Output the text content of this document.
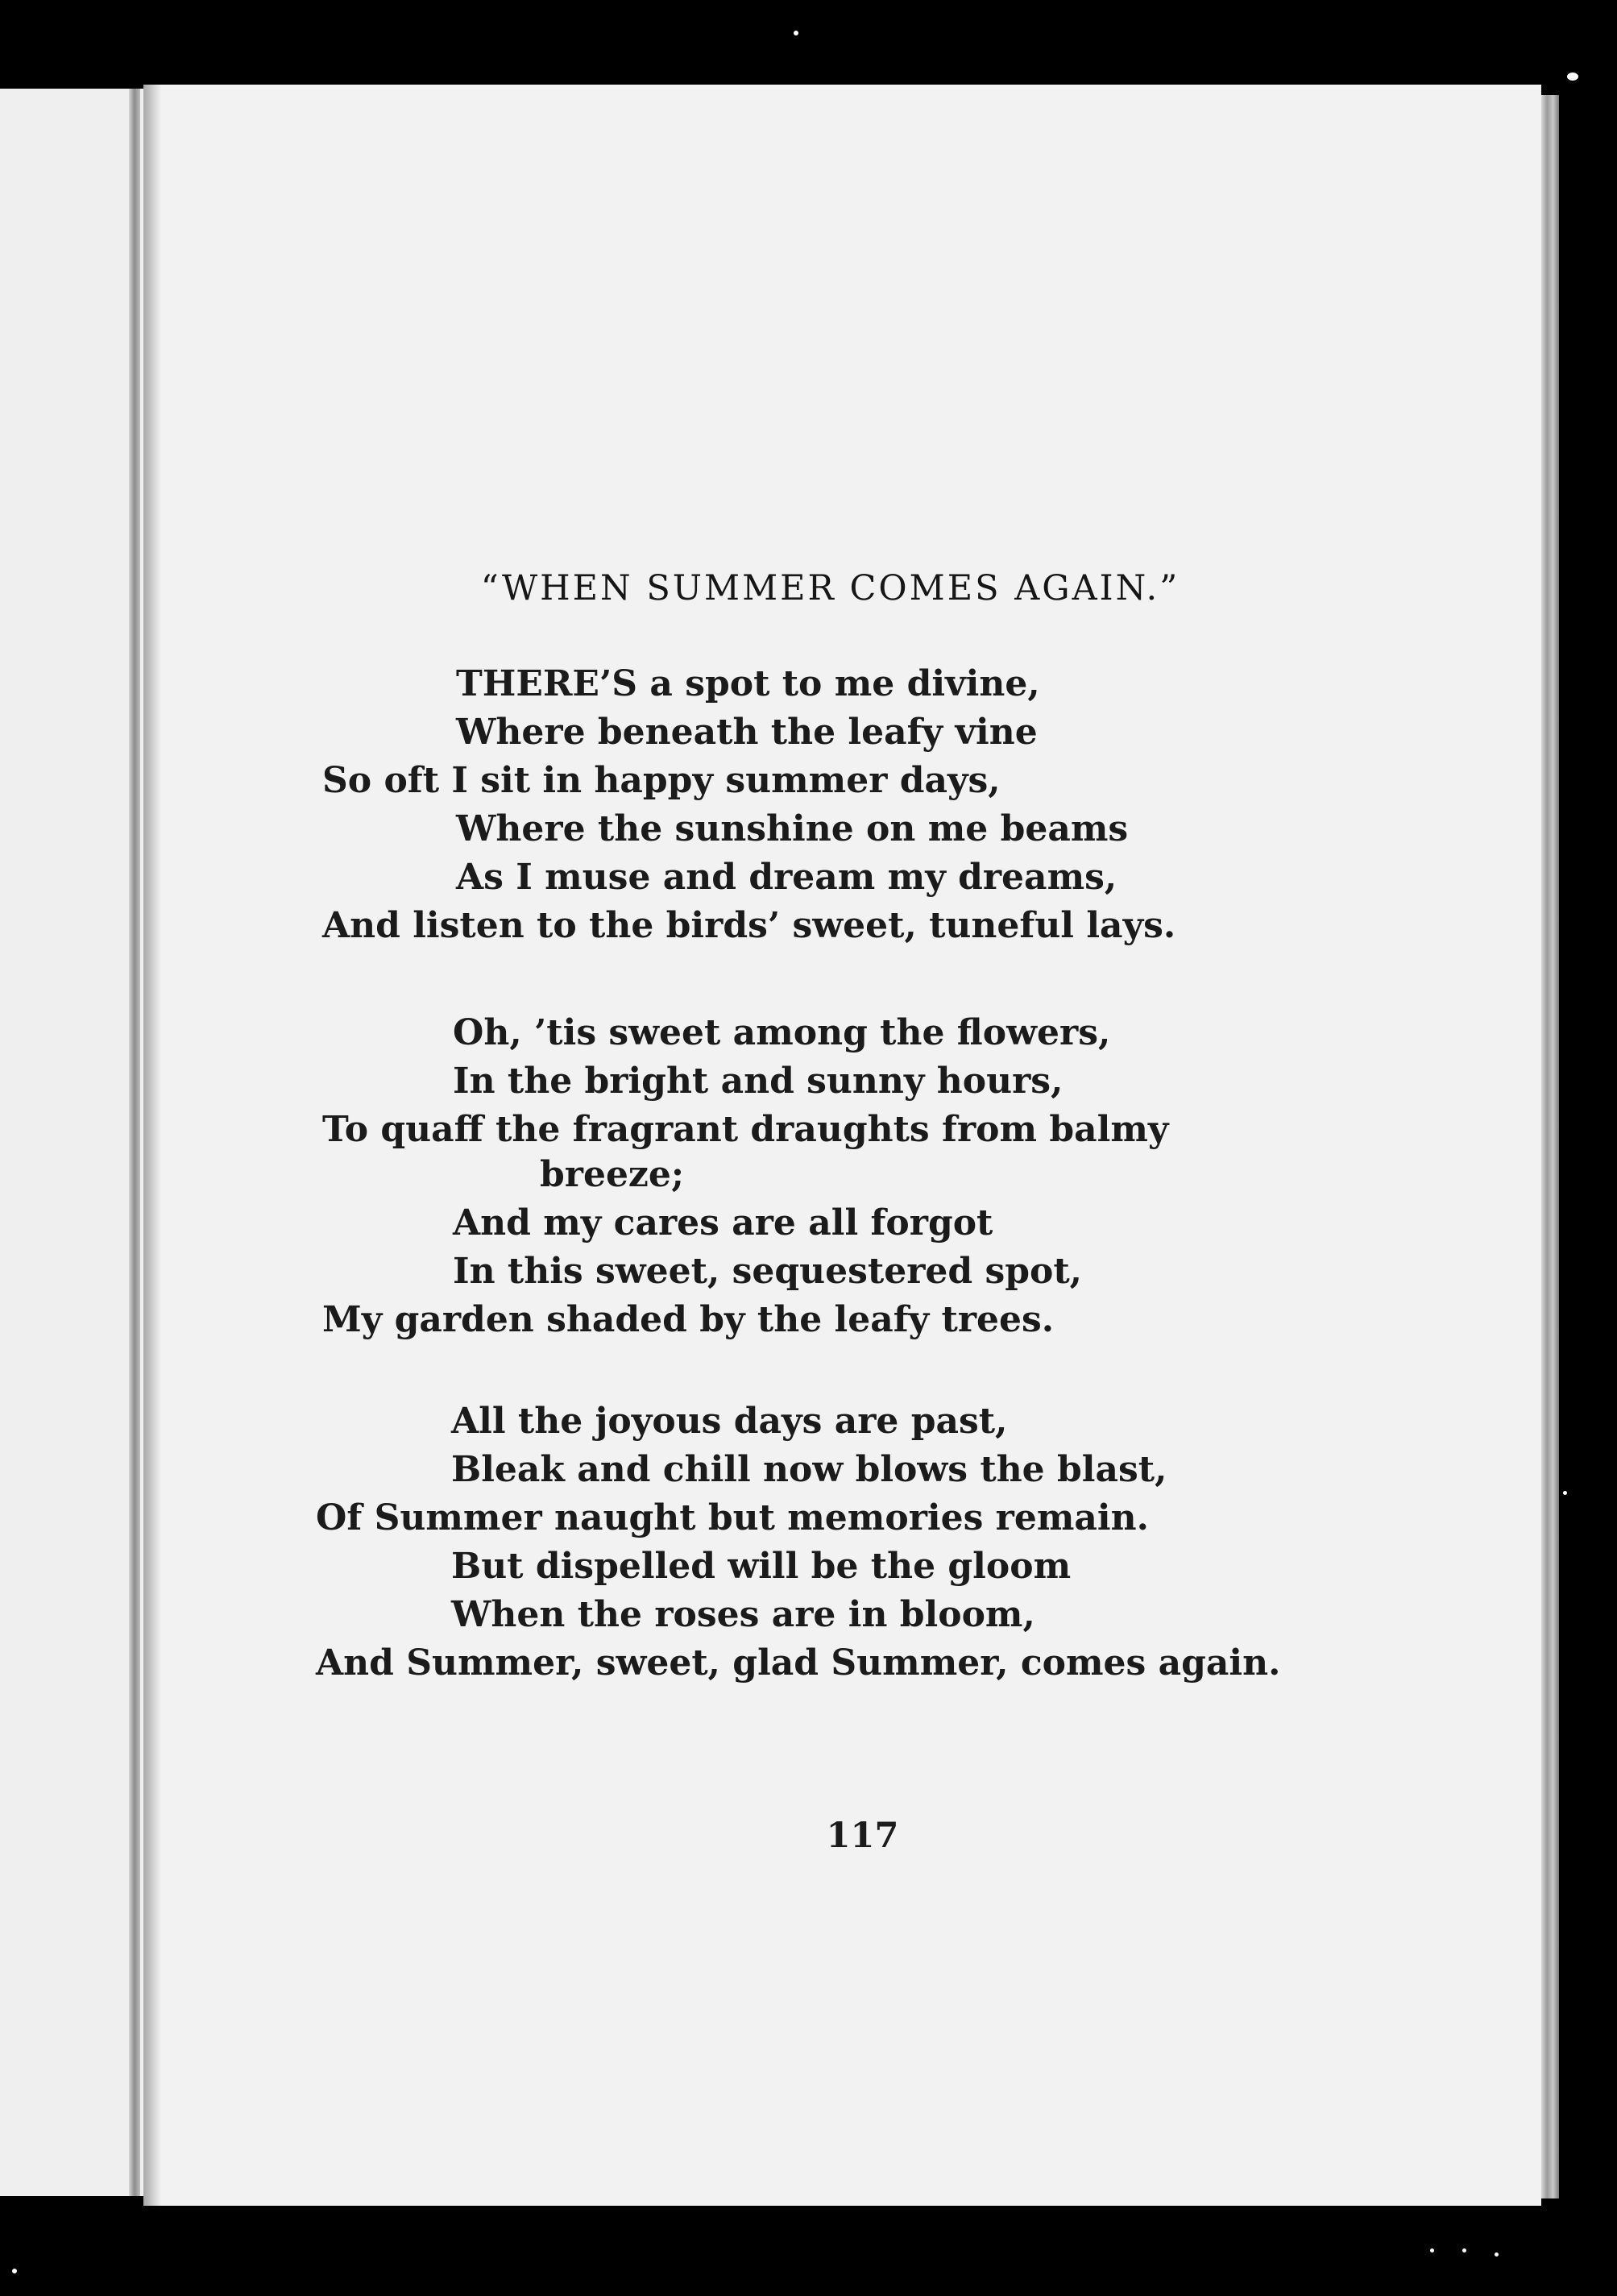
“WHEN SUMMER COMES AGAIN.”
THERE’S a spot to me divine,
Where beneath the leafy vine
So oft I sit in happy summer days,
Where the sunshine on me beams
As I muse and dream my dreams,
And listen to the birds’ sweet, tuneful lays.
Oh, ’tis sweet among the flowers,
In the bright and sunny hours,
To quaff the fragrant draughts from balmy
breeze;
And my cares are all forgot
In this sweet, sequestered spot,
My garden shaded by the leafy trees.
All the joyous days are past,
Bleak and chill now blows the blast,
Of Summer naught but memories remain.
But dispelled will be the gloom
When the roses are in bloom,
And Summer, sweet, glad Summer, comes again.
117
